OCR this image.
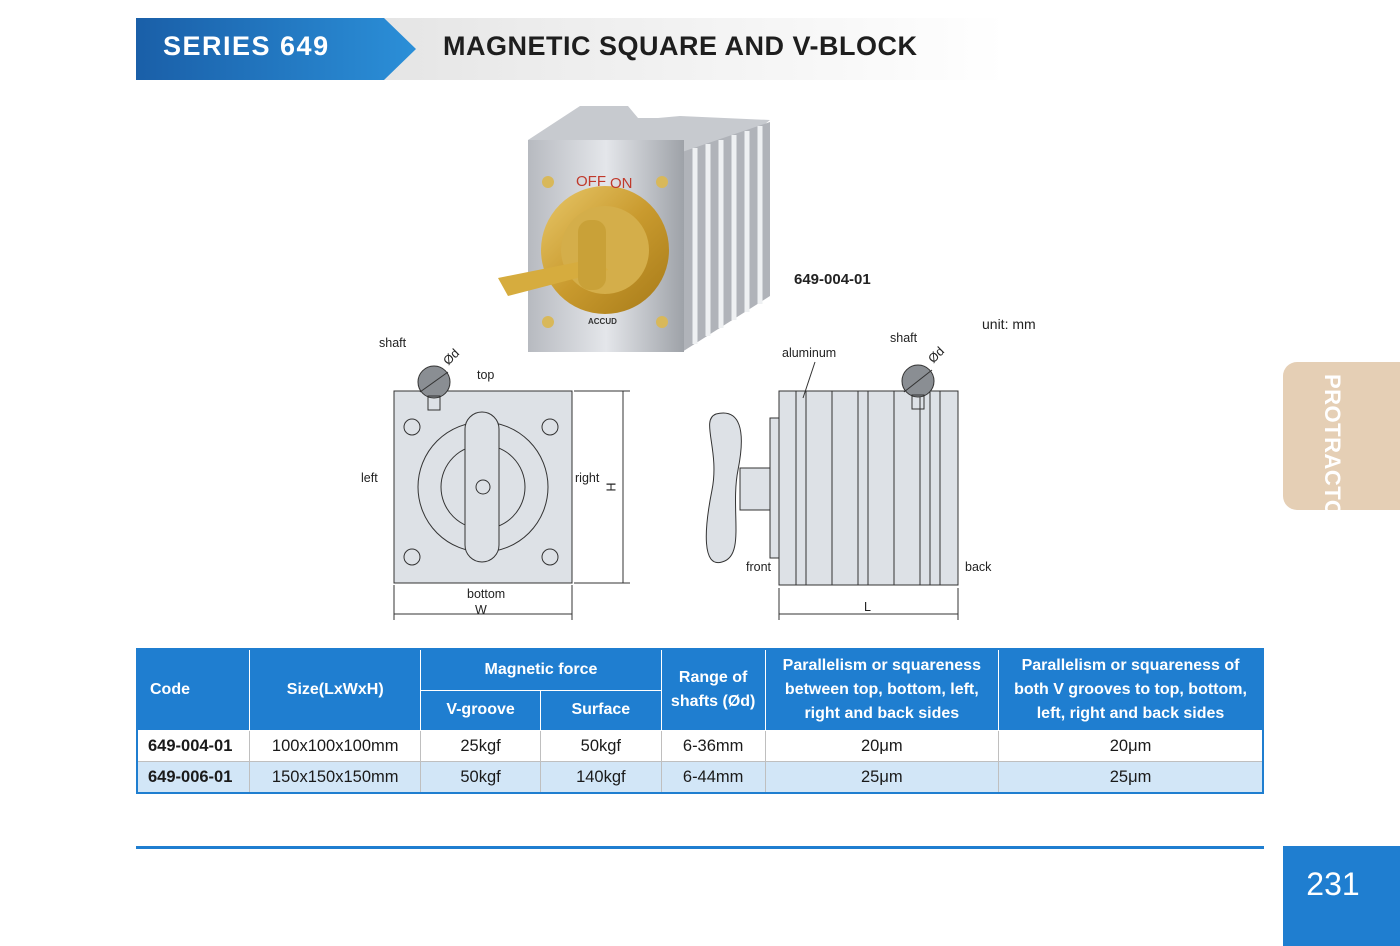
SERIES 649	MAGNETIC SQUARE AND V-BLOCK
OFF ON
ACCUD
649-004-01
unit: mm
shaft
Ød
top
left	right
H
bottom
W
aluminum
shaft
Ød
front	back
L
PROTRACTOR
Code	Size(LxWxH)	Magnetic force		Range of shafts (Ød)	Parallelism or squareness between top, bottom, left, right and back sides	Parallelism or squareness of both V grooves to top, bottom, left, right and back sides
		V-groove	Surface			
649-004-01	100x100x100mm	25kgf	50kgf	6-36mm	20μm	20μm
649-006-01	150x150x150mm	50kgf	140kgf	6-44mm	25μm	25μm
231
